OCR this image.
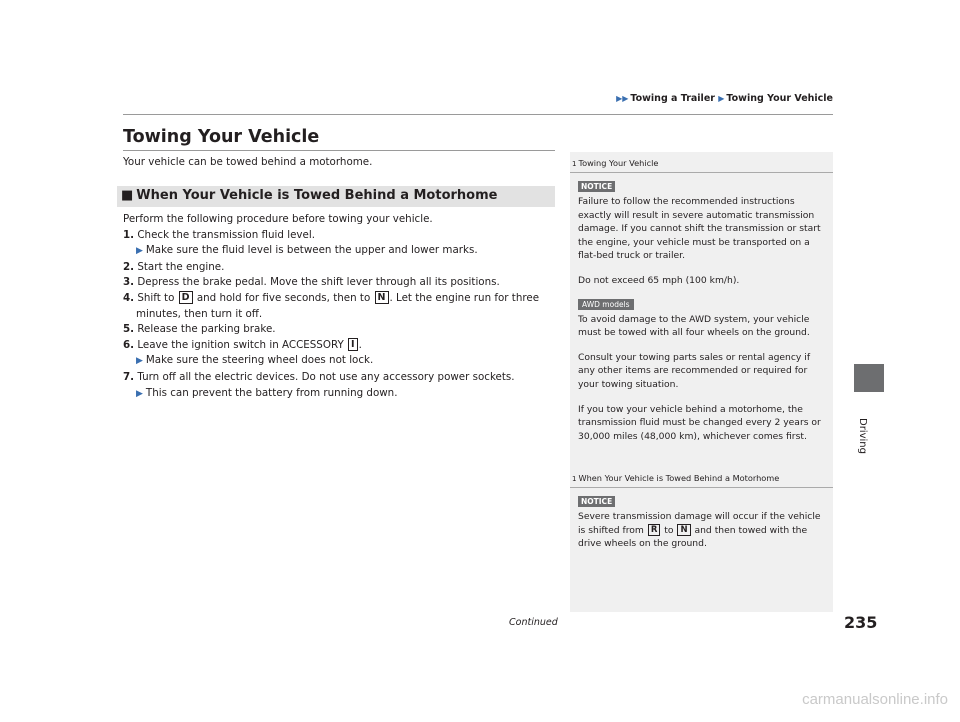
▶▶ Towing a Trailer ▶ Towing Your Vehicle
Towing Your Vehicle
Your vehicle can be towed behind a motorhome.
■ When Your Vehicle is Towed Behind a Motorhome
Perform the following procedure before towing your vehicle.
1. Check the transmission fluid level.
▶ Make sure the fluid level is between the upper and lower marks.
2. Start the engine.
3. Depress the brake pedal. Move the shift lever through all its positions.
4. Shift to D and hold for five seconds, then to N . Let the engine run for three
minutes, then turn it off.
5. Release the parking brake.
6. Leave the ignition switch in ACCESSORY I .
▶ Make sure the steering wheel does not lock.
7. Turn off all the electric devices. Do not use any accessory power sockets.
▶ This can prevent the battery from running down.
1 Towing Your Vehicle
NOTICE
Failure to follow the recommended instructions exactly will result in severe automatic transmission damage. If you cannot shift the transmission or start the engine, your vehicle must be transported on a flat-bed truck or trailer.
Do not exceed 65 mph (100 km/h).
AWD models
To avoid damage to the AWD system, your vehicle must be towed with all four wheels on the ground.
Consult your towing parts sales or rental agency if any other items are recommended or required for your towing situation.
If you tow your vehicle behind a motorhome, the transmission fluid must be changed every 2 years or 30,000 miles (48,000 km), whichever comes first.
1 When Your Vehicle is Towed Behind a Motorhome
NOTICE
Severe transmission damage will occur if the vehicle is shifted from R to N and then towed with the drive wheels on the ground.
Driving
Continued	235
carmanualsonline.info
